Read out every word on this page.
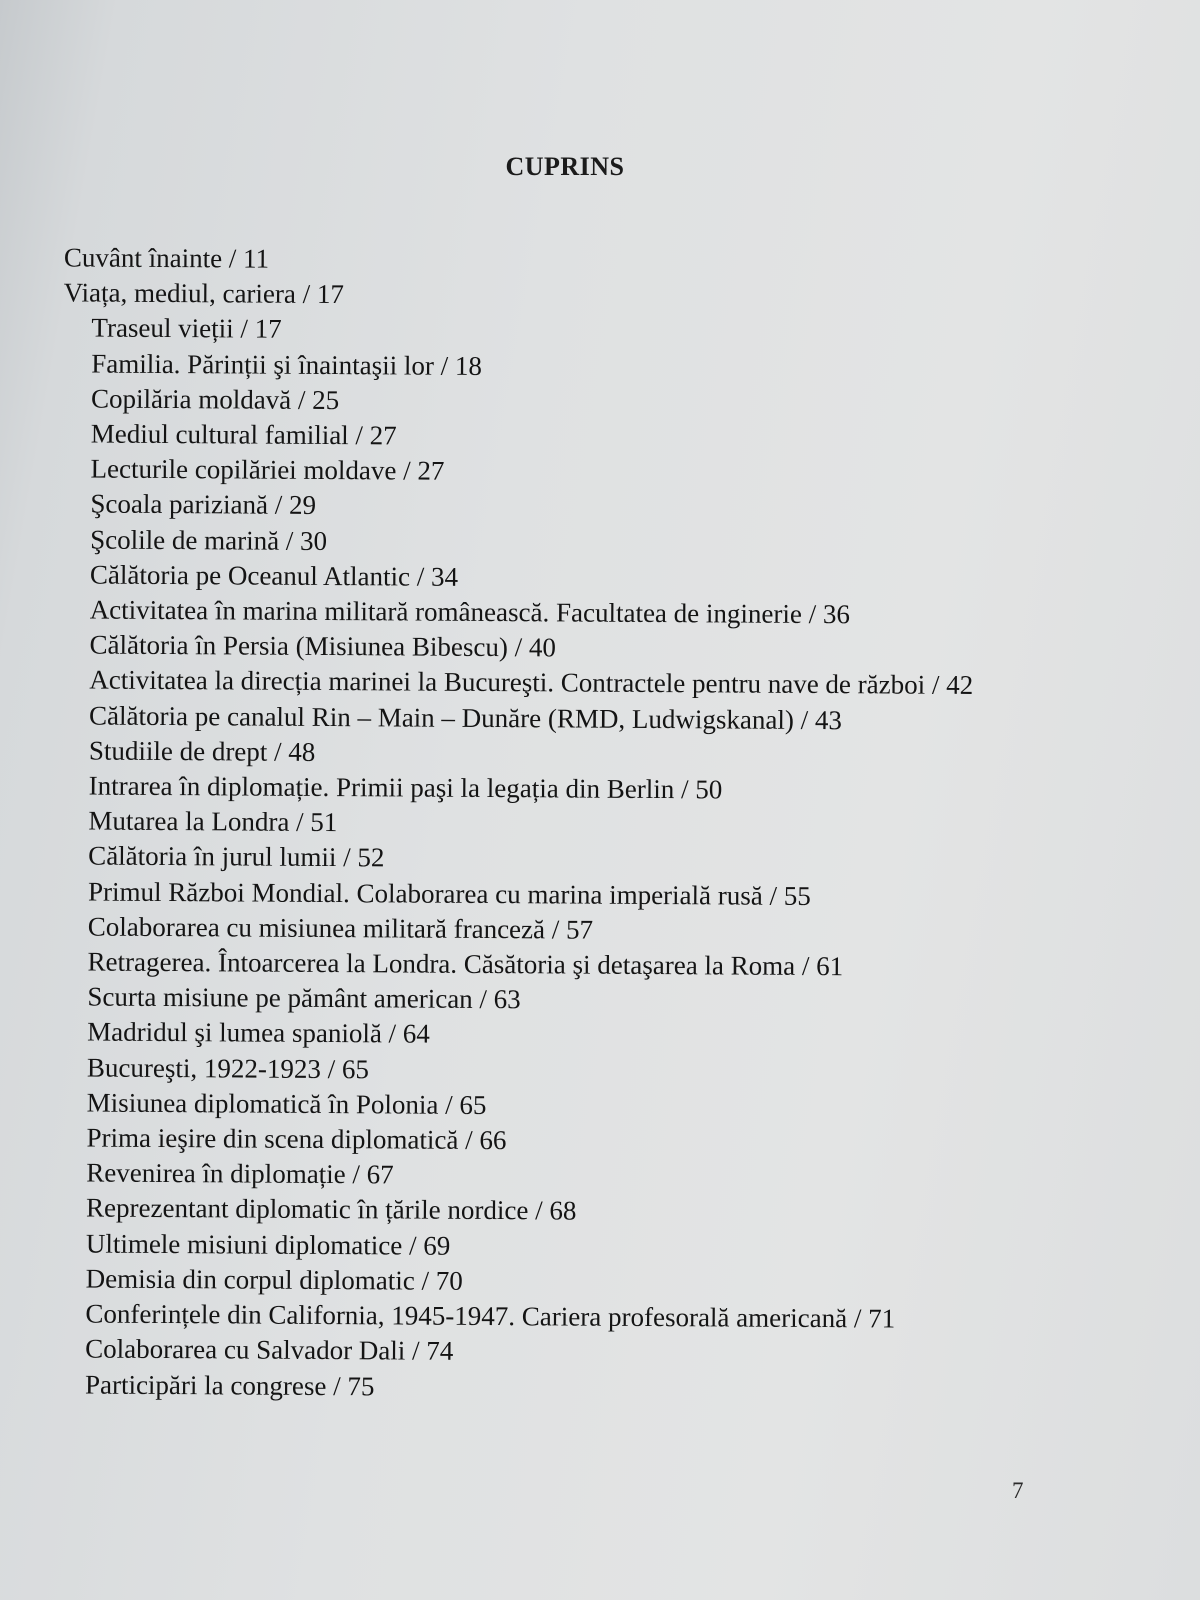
CUPRINS
Cuvânt înainte / 11
Viața, mediul, cariera / 17
Traseul vieții / 17
Familia. Părinții şi înaintaşii lor / 18
Copilăria moldavă / 25
Mediul cultural familial / 27
Lecturile copilăriei moldave / 27
Şcoala pariziană / 29
Şcolile de marină / 30
Călătoria pe Oceanul Atlantic / 34
Activitatea în marina militară românească. Facultatea de inginerie / 36
Călătoria în Persia (Misiunea Bibescu) / 40
Activitatea la direcția marinei la Bucureşti. Contractele pentru nave de război / 42
Călătoria pe canalul Rin – Main – Dunăre (RMD, Ludwigskanal) / 43
Studiile de drept / 48
Intrarea în diplomație. Primii paşi la legația din Berlin / 50
Mutarea la Londra / 51
Călătoria în jurul lumii / 52
Primul Război Mondial. Colaborarea cu marina imperială rusă / 55
Colaborarea cu misiunea militară franceză / 57
Retragerea. Întoarcerea la Londra. Căsătoria şi detaşarea la Roma / 61
Scurta misiune pe pământ american / 63
Madridul şi lumea spaniolă / 64
Bucureşti, 1922-1923 / 65
Misiunea diplomatică în Polonia / 65
Prima ieşire din scena diplomatică / 66
Revenirea în diplomație / 67
Reprezentant diplomatic în țările nordice / 68
Ultimele misiuni diplomatice / 69
Demisia din corpul diplomatic / 70
Conferințele din California, 1945-1947. Cariera profesorală americană / 71
Colaborarea cu Salvador Dali / 74
Participări la congrese / 75
7
